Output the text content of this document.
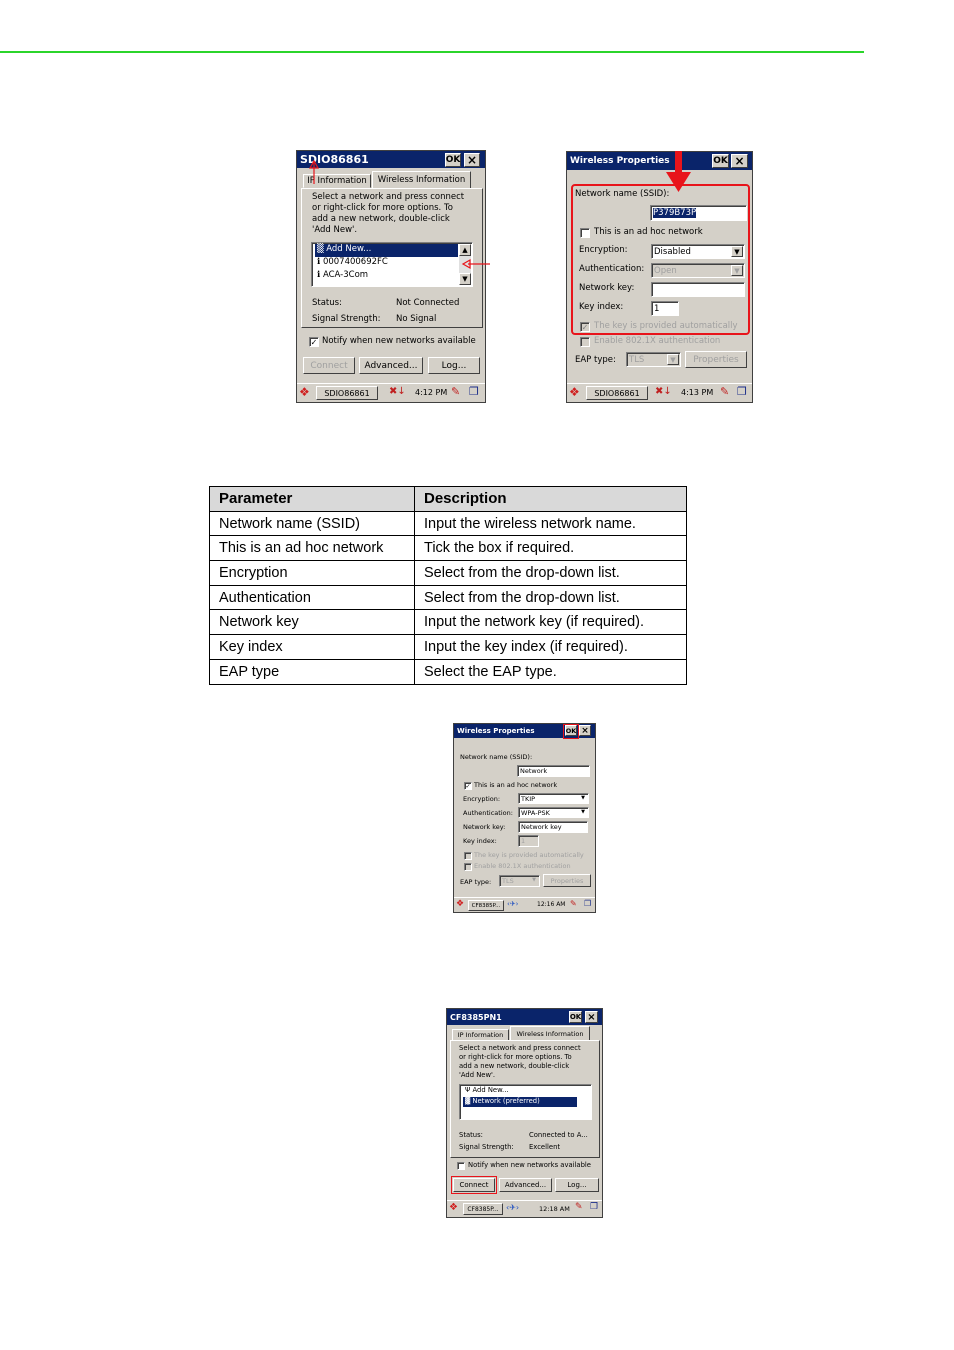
SDIO86861	OK ×
IP Information	Wireless Information
Select a network and press connect
or right-click for more options. To
add a new network, double-click
'Add New'.
▒ Add New...
ℹ 0007400692FC
ℹ ACA-3Com
▲
▼
Status:	Not Connected
Signal Strength: No Signal
✓ Notify when new networks available
Connect	Advanced...	Log...
❖	SDIO86861	✖↓ 4:12 PM ✎ ❐
Wireless Properties	OK ×
Network name (SSID):
P379B73P
This is an ad hoc network
Encryption:	Disabled	▼
Authentication: Open	▼
Network key:
Key index:	1
✓ The key is provided automatically
Enable 802.1X authentication
EAP type: TLS	▼	Properties
❖	SDIO86861	✖↓ 4:13 PM ✎ ❐
Parameter	Description
Network name (SSID)	Input the wireless network name.
This is an ad hoc network	Tick the box if required.
Encryption	Select from the drop-down list.
Authentication	Select from the drop-down list.
Network key	Input the network key (if required).
Key index	Input the key index (if required).
EAP type	Select the EAP type.
Wireless Properties	OK ×
Network name (SSID):
Network
✓ This is an ad hoc network
Encryption:	TKIP	▼
Authentication: WPA-PSK	▼
Network key:	Network key
Key index:	1
The key is provided automatically
Enable 802.1X authentication
EAP type: TLS	▼	Properties
❖	CF8385P... ‹✈›	12:16 AM ✎ ❐
CF8385PN1	OK ×
IP Information	Wireless Information
Select a network and press connect
or right-click for more options. To
add a new network, double-click
'Add New'.
Ψ Add New...
▓ Network (preferred)
Status:	Connected to A...
Signal Strength: Excellent
Notify when new networks available
Connect	Advanced...	Log...
❖	CF8385P... ‹✈›	12:18 AM ✎ ❐
